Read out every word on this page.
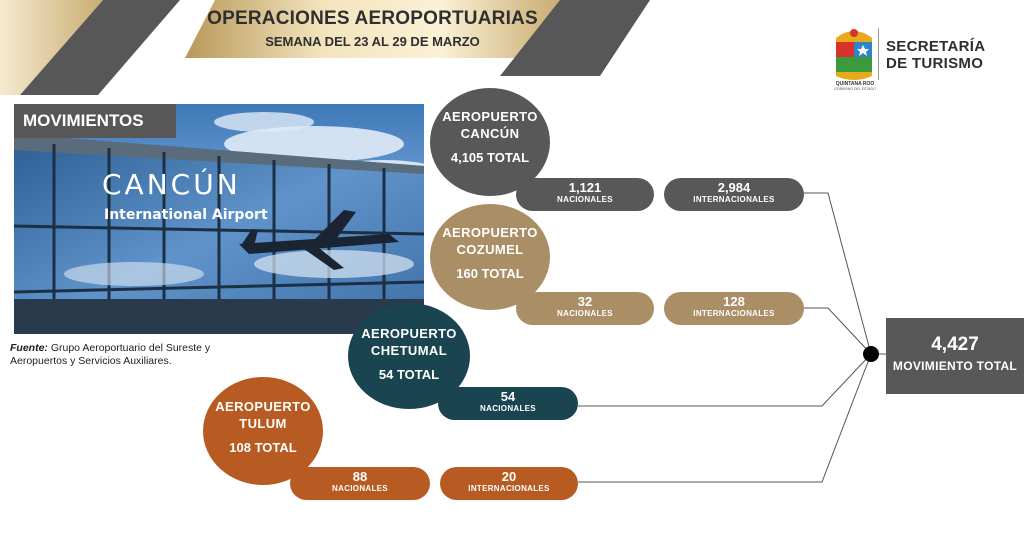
OPERACIONES AEROPORTUARIAS
SEMANA DEL 23 AL 29 DE MARZO
QUINTANA ROO
GOBIERNO DEL ESTADO
SECRETARÍA
DE TURISMO
CANCÚN
International Airport
MOVIMIENTOS
Fuente: Grupo Aeroportuario del Sureste y Aeropuertos y Servicios Auxiliares.
AEROPUERTO
CANCÚN
4,105 TOTAL
1,121
NACIONALES
2,984
INTERNACIONALES
AEROPUERTO
COZUMEL
160 TOTAL
32
NACIONALES
128
INTERNACIONALES
AEROPUERTO
CHETUMAL
54 TOTAL
54
NACIONALES
AEROPUERTO
TULUM
108 TOTAL
88
NACIONALES
20
INTERNACIONALES
4,427
MOVIMIENTO TOTAL
